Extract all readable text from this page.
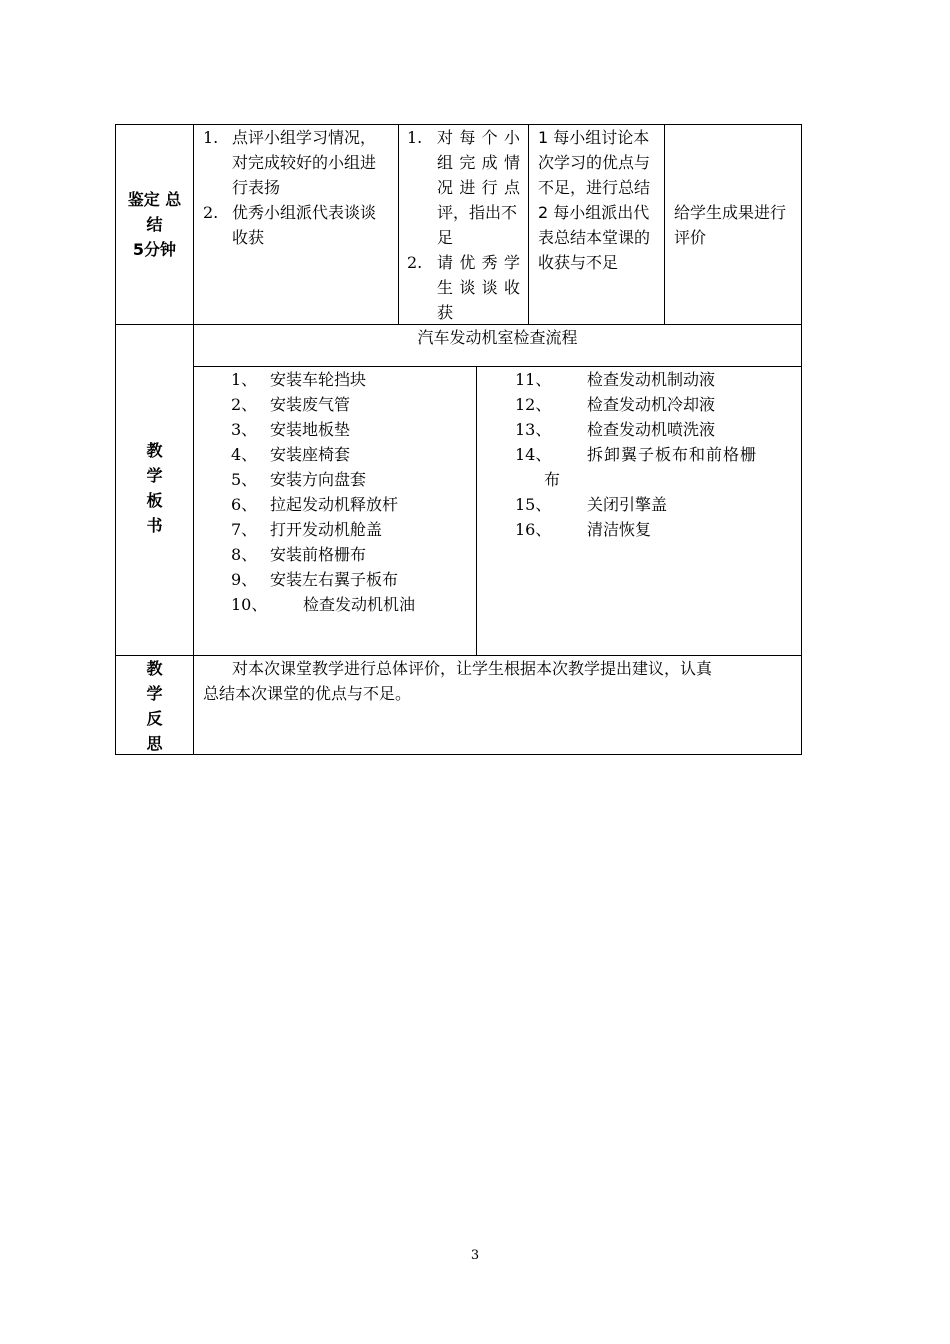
鉴定 总
结
5分钟
1. 点评小组学习情况，
对完成较好的小组进
行表扬
2. 优秀小组派代表谈谈
收获
1. 对 每 个 小
组 完 成 情
况 进 行 点
评，指出不
足
2. 请 优 秀 学
生 谈 谈 收
获
1 每小组讨论本
次学习的优点与
不足，进行总结
2 每小组派出代
表总结本堂课的
收获与不足
给学生成果进行
评价
教
学
板
书
汽车发动机室检查流程
1、 安装车轮挡块
2、 安装废气管
3、 安装地板垫
4、 安装座椅套
5、 安装方向盘套
6、 拉起发动机释放杆
7、 打开发动机舱盖
8、 安装前格栅布
9、 安装左右翼子板布
10、 检查发动机机油
11、 检查发动机制动液
12、 检查发动机冷却液
13、 检查发动机喷洗液
14、 拆卸翼子板布和前格栅
布
15、 关闭引擎盖
16、 清洁恢复
教
学
反
思
对本次课堂教学进行总体评价，让学生根据本次教学提出建议，认真
总结本次课堂的优点与不足。
3
